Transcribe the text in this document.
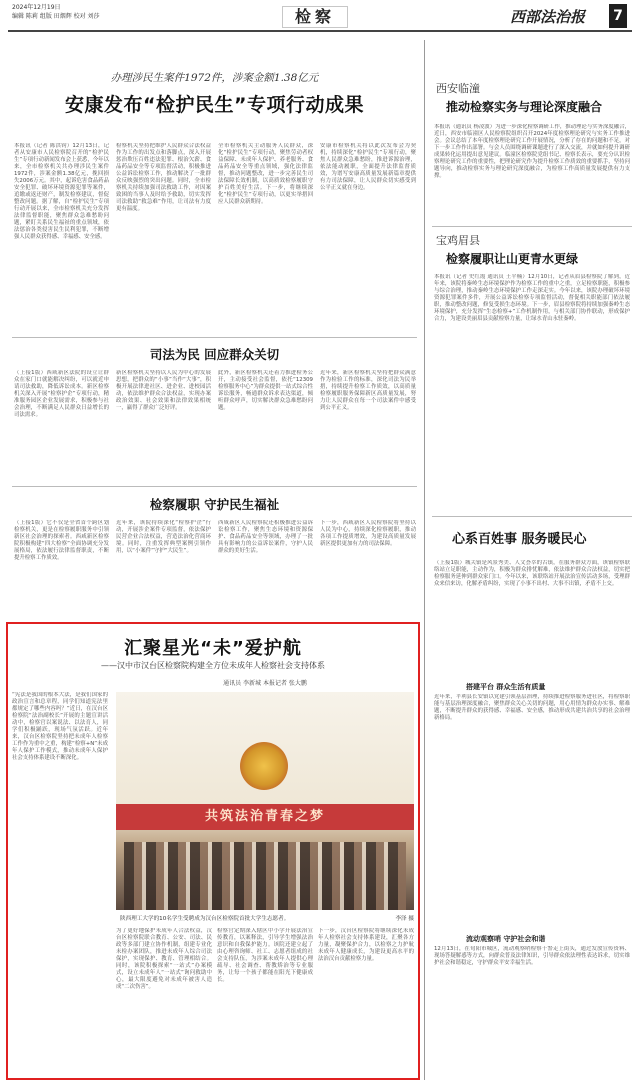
2024年12月19日
编辑 陈莉 组版 田烟辉 校对 刘莎	检察	西部法治报 7
办理涉民生案件1972件，涉案金额1.38亿元
安康发布“检护民生”专项行动成果
本报讯（记者 陈洪钧）12月13日，记者从安康市人民检察院召开的“检护民生”专项行动新闻发布会上获悉，今年以来，全市检察机关共办理涉民生案件1972件，涉案金额1.38亿元，挽回损失2006万元。其中，起诉危害食品药品安全犯罪、破坏环境资源犯罪等案件，追缴或返还财产，制发检察建议，督促整改问题。据了解，自“检护民生”专项行动开展以来，全市检察机关充分发挥法律监督职能，聚焦群众急难愁盼问题，紧盯关系民生福祉的重点领域，依法惩治各类侵害民生民利犯罪，不断增强人民群众获得感、幸福感、安全感。
检察机关坚持把维护人民群众合法权益作为工作的出发点和落脚点，深入开展惩治欺压百姓违法犯罪、根治欠薪、食品药品安全等专项监督活动，积极推进公益诉讼检察工作，推动解决了一批群众反映强烈的突出问题。同时，全市检察机关持续加强司法救助工作，对因案致困的当事人及时给予救助，切实发挥司法救助“救急难”作用，让司法有力度更有温度。
全市检察机关主动服务人民群众，深化“检护民生”专项行动，聚焦劳动者权益保障、未成年人保护、养老服务、食品药品安全等重点领域，强化法律监督，推动问题整改，进一步完善民生司法保障长效机制，以高质效检察履职守护百姓美好生活。下一步，将继续深化“检护民生”专项行动，以更实举措回应人民群众新期待。
安康市检察机关将以此次发布会为契机，持续深化“检护民生”专项行动，聚焦人民群众急难愁盼，推进诉源治理，依法能动履职，全面提升法律监督质效，为谱写安康高质量发展新篇章提供有力司法保障，让人民群众切实感受到公平正义就在身边。
司法为民 回应群众关切
（上接1版）西咸新区法院的设立让群众在家门口就能解决纠纷，可以就近申请司法救助，降低诉讼成本。新区检察机关深入开展“检察护企”专项行动，精准服务园区企业发展需求，积极参与社会治理，不断满足人民群众日益增长的司法需求。
新区检察机关坚持以人民为中心的发展思想，把群众的“小事”当作“大事”，积极开展法律进社区、进企业、进校园活动，依法维护群众合法权益，实现办案政治效果、社会效果和法律效果相统一，赢得了群众广泛好评。
此外，新区检察机关还着力推进检务公开，主动接受社会监督，依托“12309检察服务中心”为群众提供一站式综合性诉讼服务，畅通群众诉求表达渠道，倾听群众呼声，切实解决群众急难愁盼问题。
近年来，新区检察机关坚持把群众满意作为检验工作的标准，深化司法为民举措，持续提升检察工作质效，以高质量检察履职服务保障新区高质量发展，努力让人民群众在每一个司法案件中感受到公平正义。
检察履职 守护民生福祉
（上接1版）它不仅是全省首个跨区划检察机关，更是在检察履职服务中引领新区社会治理的探索者。西咸新区检察院积极构建“四大检察”全面协调充分发展格局，依法履行法律监督职责，不断提升检察工作质效。
近年来，该院持续深化“检察护企”行动，开展涉企案件专项监督，依法保护民营企业合法权益，营造法治化营商环境。同时，注重发挥典型案例引领作用，以“小案件”守护“大民生”。
西咸新区人民检察院还积极推进公益诉讼检察工作，聚焦生态环境和资源保护、食品药品安全等领域，办理了一批具有影响力的公益诉讼案件，守护人民群众的美好生活。
下一步，西咸新区人民检察院将坚持以人民为中心，持续深化检察履职，推动各项工作提质增效，为建设高质量发展新区提供更加有力的司法保障。
汇聚星光“未”爱护航
——汉中市汉台区检察院构建全方位未成年人检察社会支持体系
通讯员 李新城 本报记者 张大鹏
“宪法是我国的根本大法，是我们国家的政治宣言和总章程，同学们知道宪法里都规定了哪些内容吗？”近日，在汉台区检察院“法治副校长”开展的主题宣讲活动中，检察官以案说法、以法育人，同学们积极踊跃，现场气氛活跃。近年来，汉台区检察院坚持把未成年人检察工作作为重中之重，构建“检察+N”未成年人保护工作模式，推动未成年人保护社会支持体系建设不断深化。
共筑法治青春之梦
陕西理工大学的10名学生受聘成为汉台区检察院首批大学生志愿者。	李泽 摄
为了更好地保护未成年人合法权益，汉台区检察院联合教育、公安、司法、民政等多部门建立协作机制，组建专业化未检办案团队，推进未成年人综合司法保护，实现保护、教育、管理相结合。同时，该院积极探索“一站式”办案模式，设立未成年人“一站式”询问救助中心，最大限度避免对未成年被害人造成“二次伤害”。
检察官定期深入辖区中小学开展法治宣传教育，以案释法，引导学生增强法治意识和自我保护能力。该院还建立起了由心理咨询师、社工、志愿者组成的社会支持队伍，为涉案未成年人提供心理疏导、社会调查、帮教矫治等专业服务，让每一个孩子都能在阳光下健康成长。
下一步，汉台区检察院将继续深化未成年人检察社会支持体系建设，汇聚各方力量，凝聚保护合力，以检察之力护航未成年人健康成长，为建设更高水平的法治汉台贡献检察力量。
西安临潼
推动检察实务与理论深度融合
本报讯（通讯员 杨凌波）为进一步深化检察调研工作，推动理论与实务深度融合，近日，西安市临潼区人民检察院组织召开2024年度检察理论研究与实务工作推进会。会议总结了本年度检察理论研究工作开展情况，分析了存在的问题和不足，对下一步工作作出部署。与会人员围绕调研课题进行了深入交流，并就如何提升调研成果转化运用提出意见建议。临潼区检察院党组书记、检察长表示，要充分认识检察理论研究工作的重要性，把理论研究作为提升检察工作质效的重要抓手，坚持问题导向，推动检察实务与理论研究深度融合，为检察工作高质量发展提供有力支撑。
宝鸡眉县
检察履职让山更青水更绿
本报讯（记者 史红霞 通讯员 王平楠）12月10日，记者从眉县检察院了解到，近年来，该院将秦岭生态环境保护作为检察工作的重中之重，立足检察职能，积极参与综合治理，推动秦岭生态环境保护工作走深走实。今年以来，该院办理破坏环境资源犯罪案件多件，开展公益诉讼检察专项监督活动，督促相关职能部门依法履职，推动整改问题，修复受损生态环境。下一步，眉县检察院将持续加强秦岭生态环境保护，充分发挥“生态检察+”工作机制作用，与相关部门协作联动，形成保护合力，为建设美丽眉县贡献检察力量，让绿水青山永驻秦岭。
心系百姓事 服务暖民心
（上接1版）城关镇是风景秀美、人文荟萃的古镇，在服务群众方面，该镇检察联络站立足职能，主动作为，积极为群众排忧解难，依法维护群众合法权益，切实把检察服务延伸到群众家门口。今年以来，该联络站开展法治宣传活动多场，受理群众来信来访，化解矛盾纠纷，实现了小事不出村、大事不出镇，矛盾不上交。
搭建平台 群众生活有质量
近年来，平利县长安镇以党建引领基层治理，持续推进检察服务进社区，将检察职能与基层治理深度融合，聚焦群众关心关切的问题，用心用情为群众办实事、解难题，不断提升群众的获得感、幸福感、安全感，推动形成共建共治共享的社会治理新格局。
流动观察哨 守护社会和谐
12月13日，在旬阳市城区，流动观察哨检察干警走上街头，通过发放宣传资料、现场答疑解惑等方式，向群众普及法律知识，引导群众依法理性表达诉求，切实维护社会和谐稳定，守护群众平安幸福生活。
